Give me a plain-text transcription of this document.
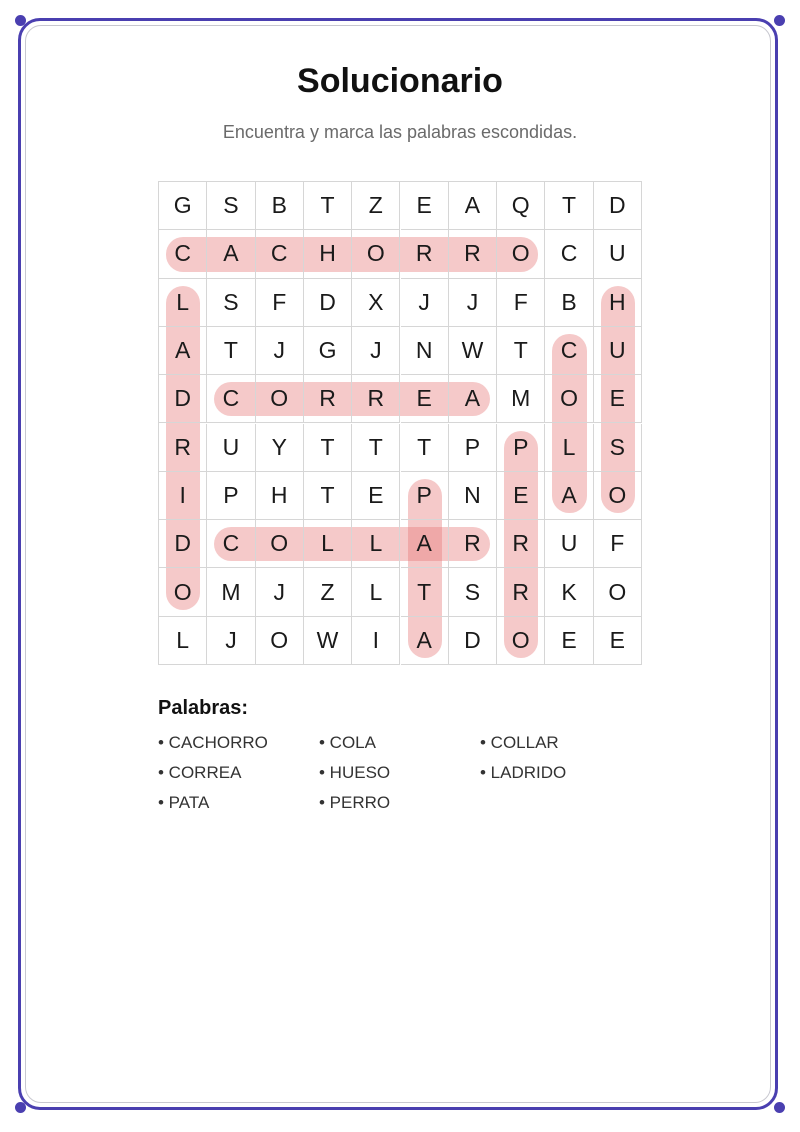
Solucionario

Encuentra y marca las palabras escondidas.

G	S	B	T	Z	E	A	Q	T	D
C	A	C	H	O	R	R	O	C	U
L	S	F	D	X	J	J	F	B	H
A	T	J	G	J	N	W	T	C	U
D	C	O	R	R	E	A	M	O	E
R	U	Y	T	T	T	P	P	L	S
I	P	H	T	E	P	N	E	A	O
D	C	O	L	L	A	R	R	U	F
O	M	J	Z	L	T	S	R	K	O
L	J	O	W	I	A	D	O	E	E
Palabras:
• CACHORRO	• COLA	• COLLAR
• CORREA	• HUESO	• LADRIDO
• PATA	• PERRO
